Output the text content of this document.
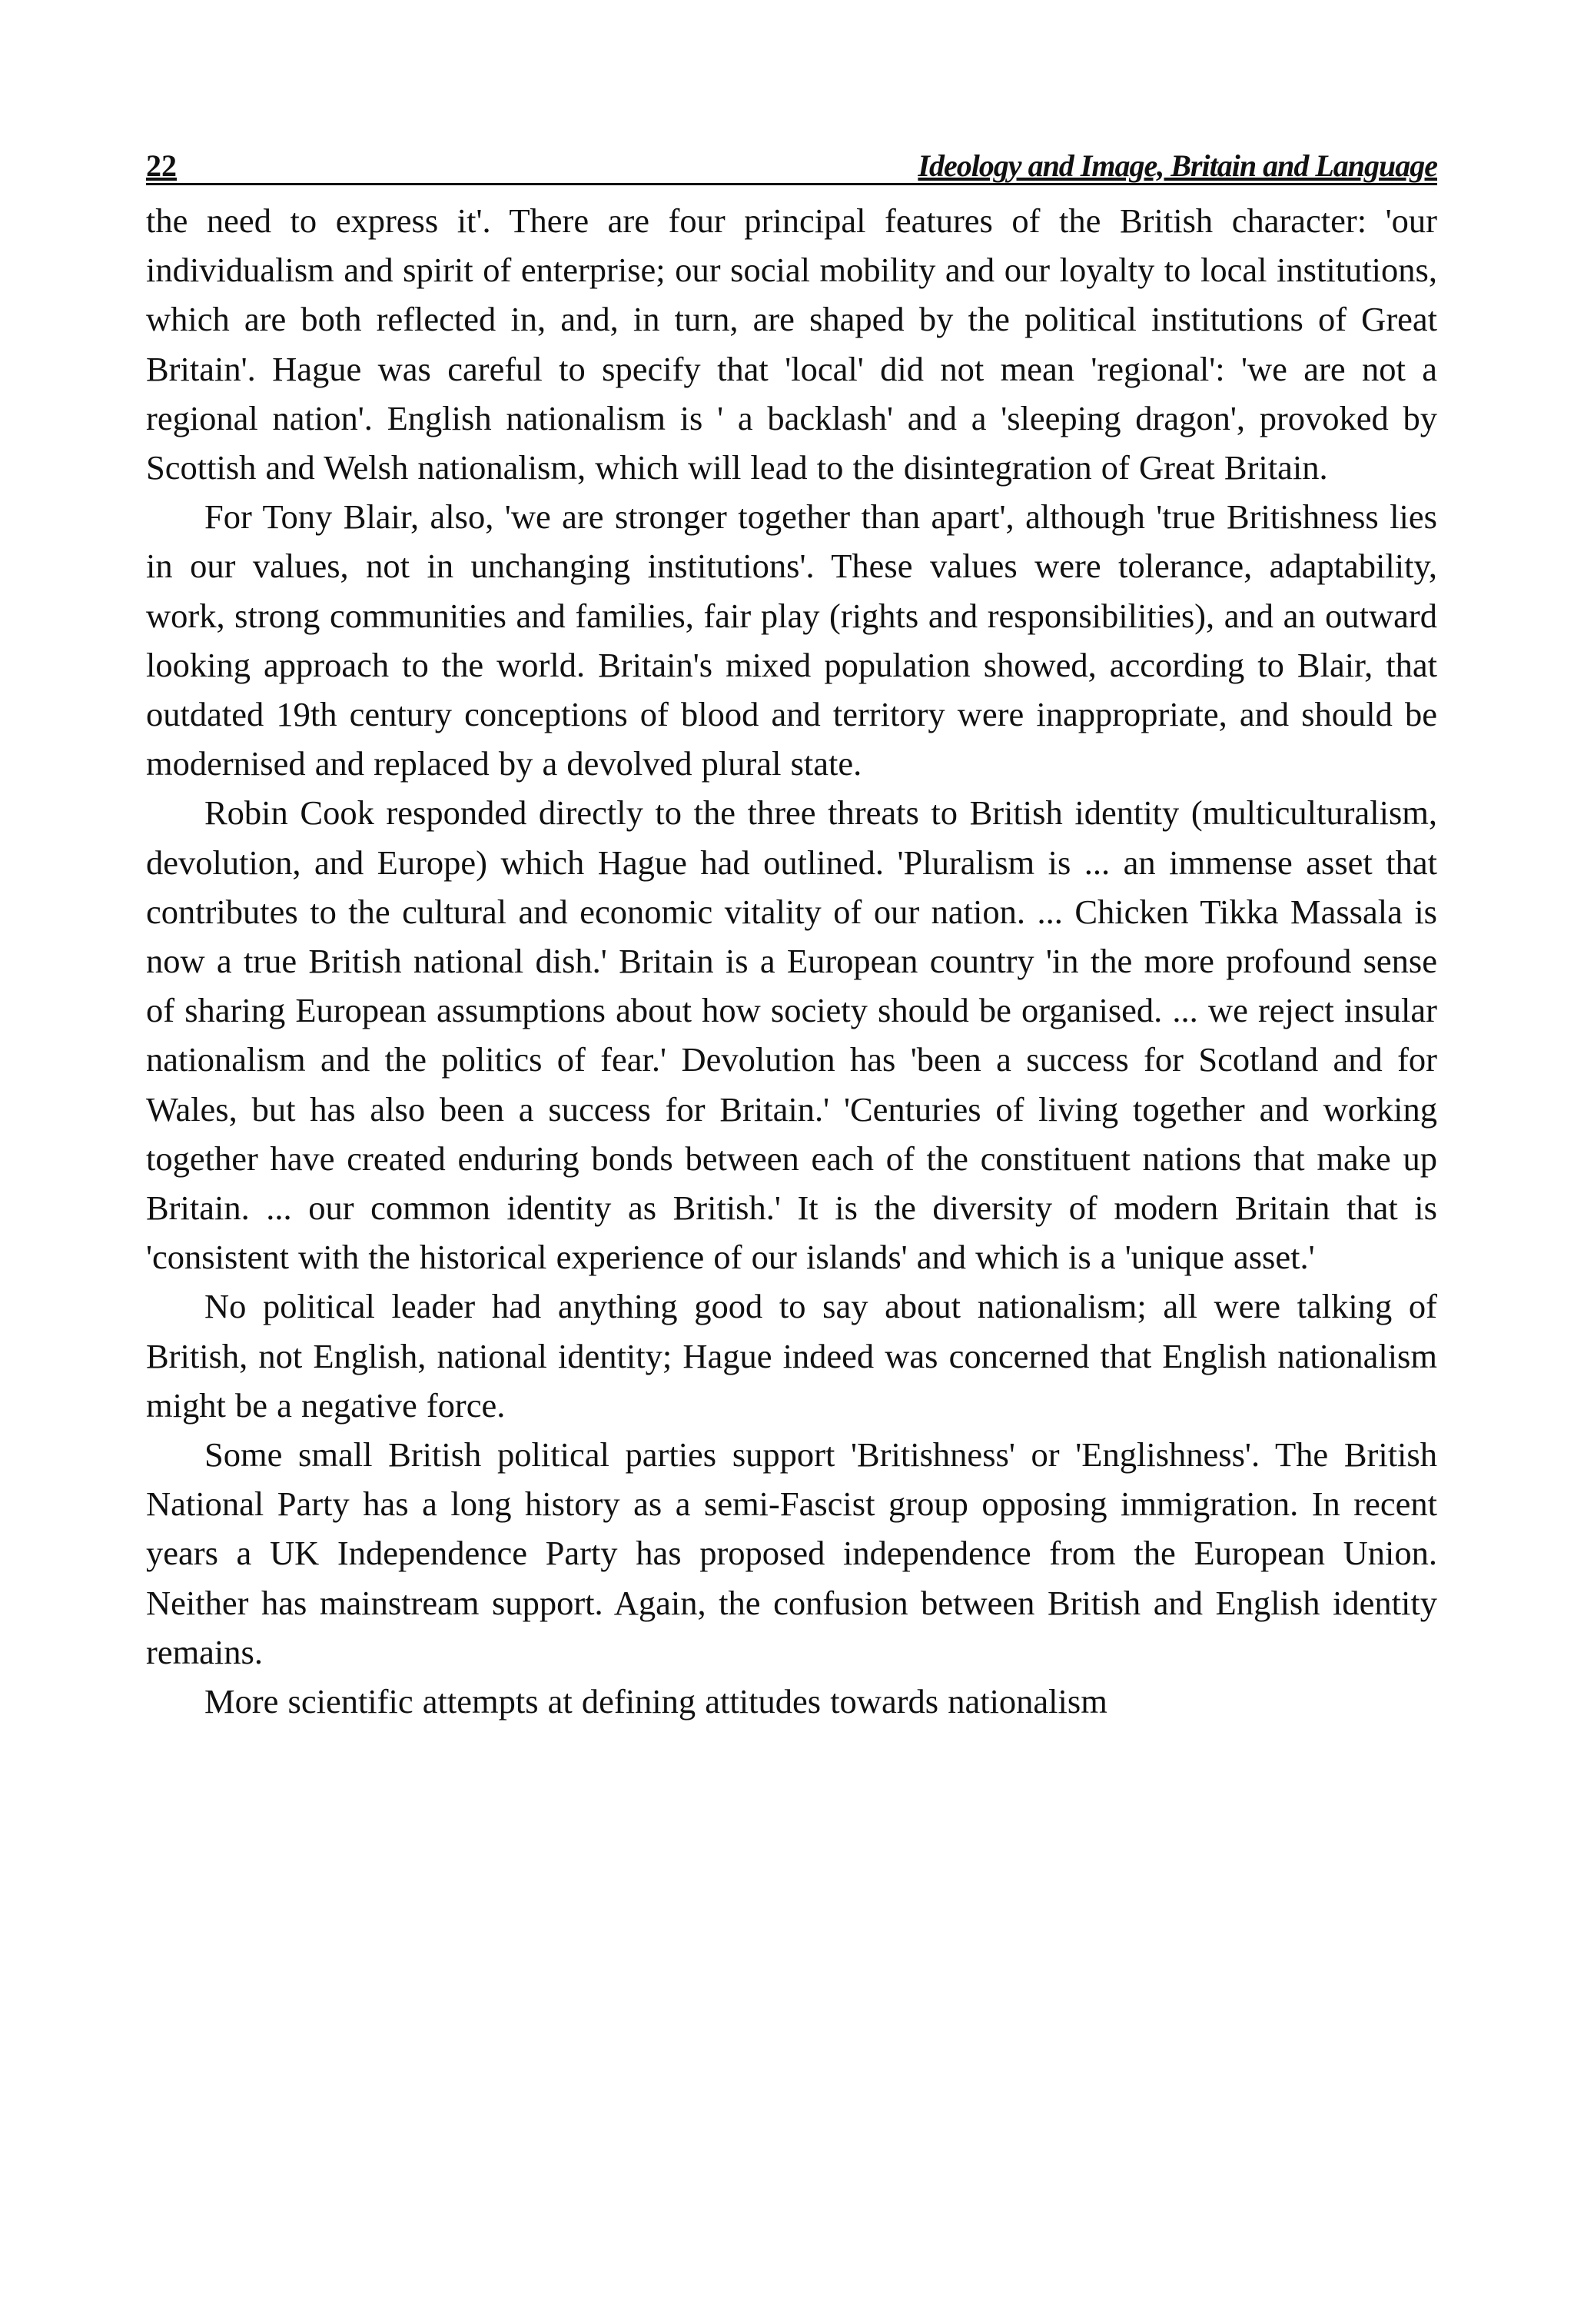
22	Ideology and Image, Britain and Language

the need to express it'. There are four principal features of the British character: 'our individualism and spirit of enterprise; our social mobility and our loyalty to local institutions, which are both reflected in, and, in turn, are shaped by the political institutions of Great Britain'. Hague was careful to specify that 'local' did not mean 'regional': 'we are not a regional nation'. English nationalism is ' a backlash' and a 'sleeping dragon', provoked by Scottish and Welsh nationalism, which will lead to the disintegration of Great Britain.

For Tony Blair, also, 'we are stronger together than apart', although 'true Britishness lies in our values, not in unchanging institutions'. These values were tolerance, adaptability, work, strong communities and families, fair play (rights and responsibilities), and an outward looking approach to the world. Britain's mixed population showed, according to Blair, that outdated 19th century conceptions of blood and territory were inappropriate, and should be modernised and replaced by a devolved plural state.

Robin Cook responded directly to the three threats to British identity (multiculturalism, devolution, and Europe) which Hague had outlined. 'Pluralism is ... an immense asset that contributes to the cultural and economic vitality of our nation. ... Chicken Tikka Massala is now a true British national dish.' Britain is a European country 'in the more profound sense of sharing European assumptions about how society should be organised. ... we reject insular nationalism and the politics of fear.' Devolution has 'been a success for Scotland and for Wales, but has also been a success for Britain.' 'Centuries of living together and working together have created enduring bonds between each of the constituent nations that make up Britain. ... our common identity as British.' It is the diversity of modern Britain that is 'consistent with the historical experience of our islands' and which is a 'unique asset.'

No political leader had anything good to say about nationalism; all were talking of British, not English, national identity; Hague indeed was concerned that English nationalism might be a negative force.

Some small British political parties support 'Britishness' or 'Englishness'. The British National Party has a long history as a semi-Fascist group opposing immigration. In recent years a UK Independence Party has proposed independence from the European Union. Neither has mainstream support. Again, the confusion between British and English identity remains.

More scientific attempts at defining attitudes towards nationalism
